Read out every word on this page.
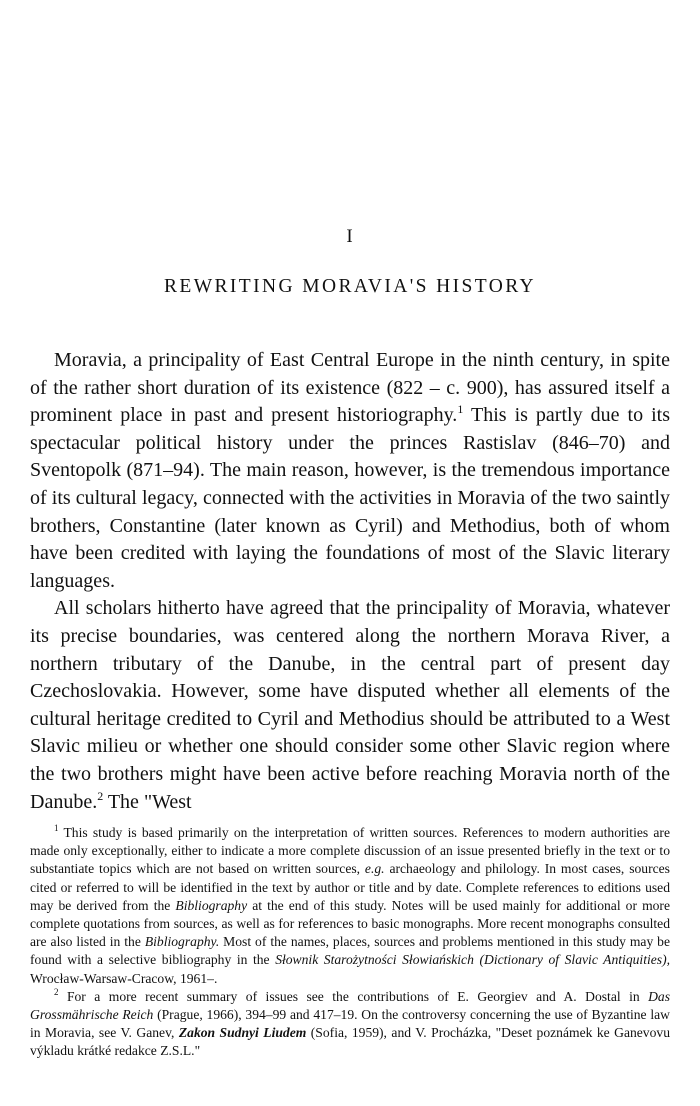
I
REWRITING MORAVIA'S HISTORY

Moravia, a principality of East Central Europe in the ninth century, in spite of the rather short duration of its existence (822 – c. 900), has assured itself a prominent place in past and present historiography.$^1$ This is partly due to its spectacular political history under the princes Rastislav (846–70) and Sventopolk (871–94). The main reason, however, is the tremendous importance of its cultural legacy, connected with the activities in Moravia of the two saintly brothers, Constantine (later known as Cyril) and Methodius, both of whom have been credited with laying the foundations of most of the Slavic literary languages.

All scholars hitherto have agreed that the principality of Moravia, whatever its precise boundaries, was centered along the northern Morava River, a northern tributary of the Danube, in the central part of present day Czechoslovakia. However, some have disputed whether all elements of the cultural heritage credited to Cyril and Methodius should be attributed to a West Slavic milieu or whether one should consider some other Slavic region where the two brothers might have been active before reaching Moravia north of the Danube.$^2$ The "West

$^1$ This study is based primarily on the interpretation of written sources. References to modern authorities are made only exceptionally, either to indicate a more complete discussion of an issue presented briefly in the text or to substantiate topics which are not based on written sources, e.g. archaeology and philology. In most cases, sources cited or referred to will be identified in the text by author or title and by date. Complete references to editions used may be derived from the Bibliography at the end of this study. Notes will be used mainly for additional or more complete quotations from sources, as well as for references to basic monographs. More recent monographs consulted are also listed in the Bibliography. Most of the names, places, sources and problems mentioned in this study may be found with a selective bibliography in the Słownik Starożytności Słowiańskich (Dictionary of Slavic Antiquities), Wrocław-Warsaw-Cracow, 1961–.

$^2$ For a more recent summary of issues see the contributions of E. Georgiev and A. Dostal in Das Grossmährische Reich (Prague, 1966), 394–99 and 417–19. On the controversy concerning the use of Byzantine law in Moravia, see V. Ganev, Zakon Sudnyi Liudem (Sofia, 1959), and V. Procházka, "Deset poznámek ke Ganevovu výkladu krátké redakce Z.S.L."
